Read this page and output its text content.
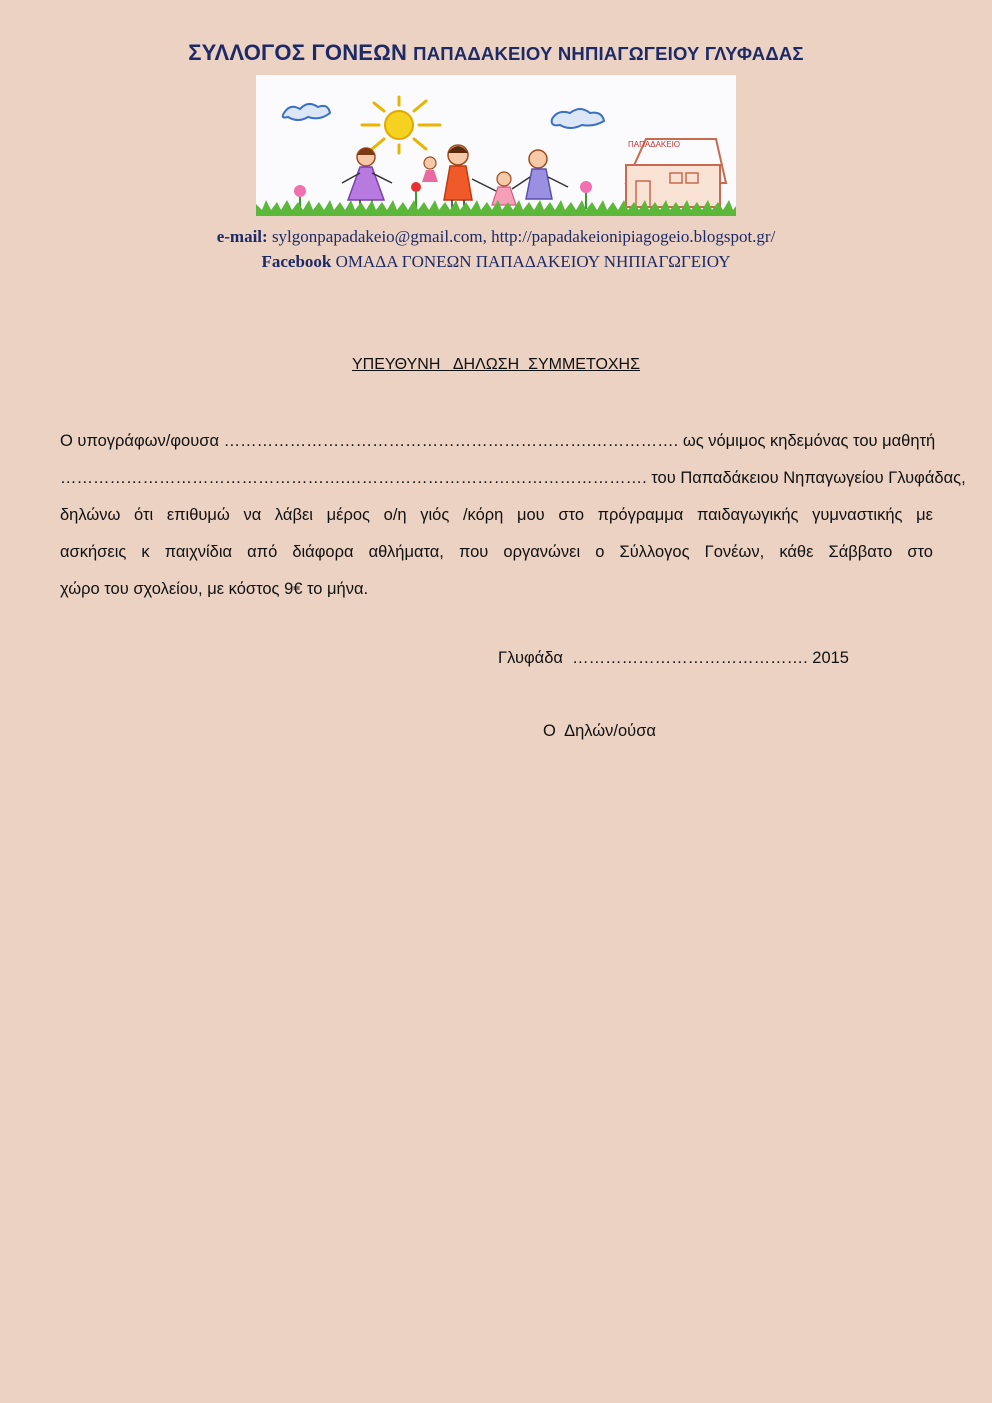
ΣΥΛΛΟΓΟΣ ΓΟΝΕΩΝ ΠΑΠΑΔΑΚΕΙΟΥ ΝΗΠΙΑΓΩΓΕΙΟΥ ΓΛΥΦΑΔΑΣ
ΠΑΠΑΔΑΚΕΙΟ
e-mail: sylgonpapadakeio@gmail.com, http://papadakeionipiagogeio.blogspot.gr/
Facebook ΟΜΑΔΑ ΓΟΝΕΩΝ ΠΑΠΑΔΑΚΕΙΟΥ ΝΗΠΙΑΓΩΓΕΙΟΥ
ΥΠΕΥΘΥΝΗ   ΔΗΛΩΣΗ  ΣΥΜΜΕΤΟΧΗΣ
Ο υπογράφων/φουσα ………………………………………………………….……………. ως νόμιμος κηδεμόνας του μαθητή
…………………………………………….………………………………………………. του Παπαδάκειου Νηπαγωγείου Γλυφάδας,
δηλώνω ότι επιθυμώ να λάβει μέρος ο/η γιός /κόρη μου στο πρόγραμμα παιδαγωγικής γυμναστικής με
ασκήσεις κ παιχνίδια από διάφορα αθλήματα, που οργανώνει ο Σύλλογος Γονέων, κάθε Σάββατο στο
χώρο του σχολείου, με κόστος 9€ το μήνα.
Γλυφάδα  ……………………………………. 2015
Ο  Δηλών/ούσα
